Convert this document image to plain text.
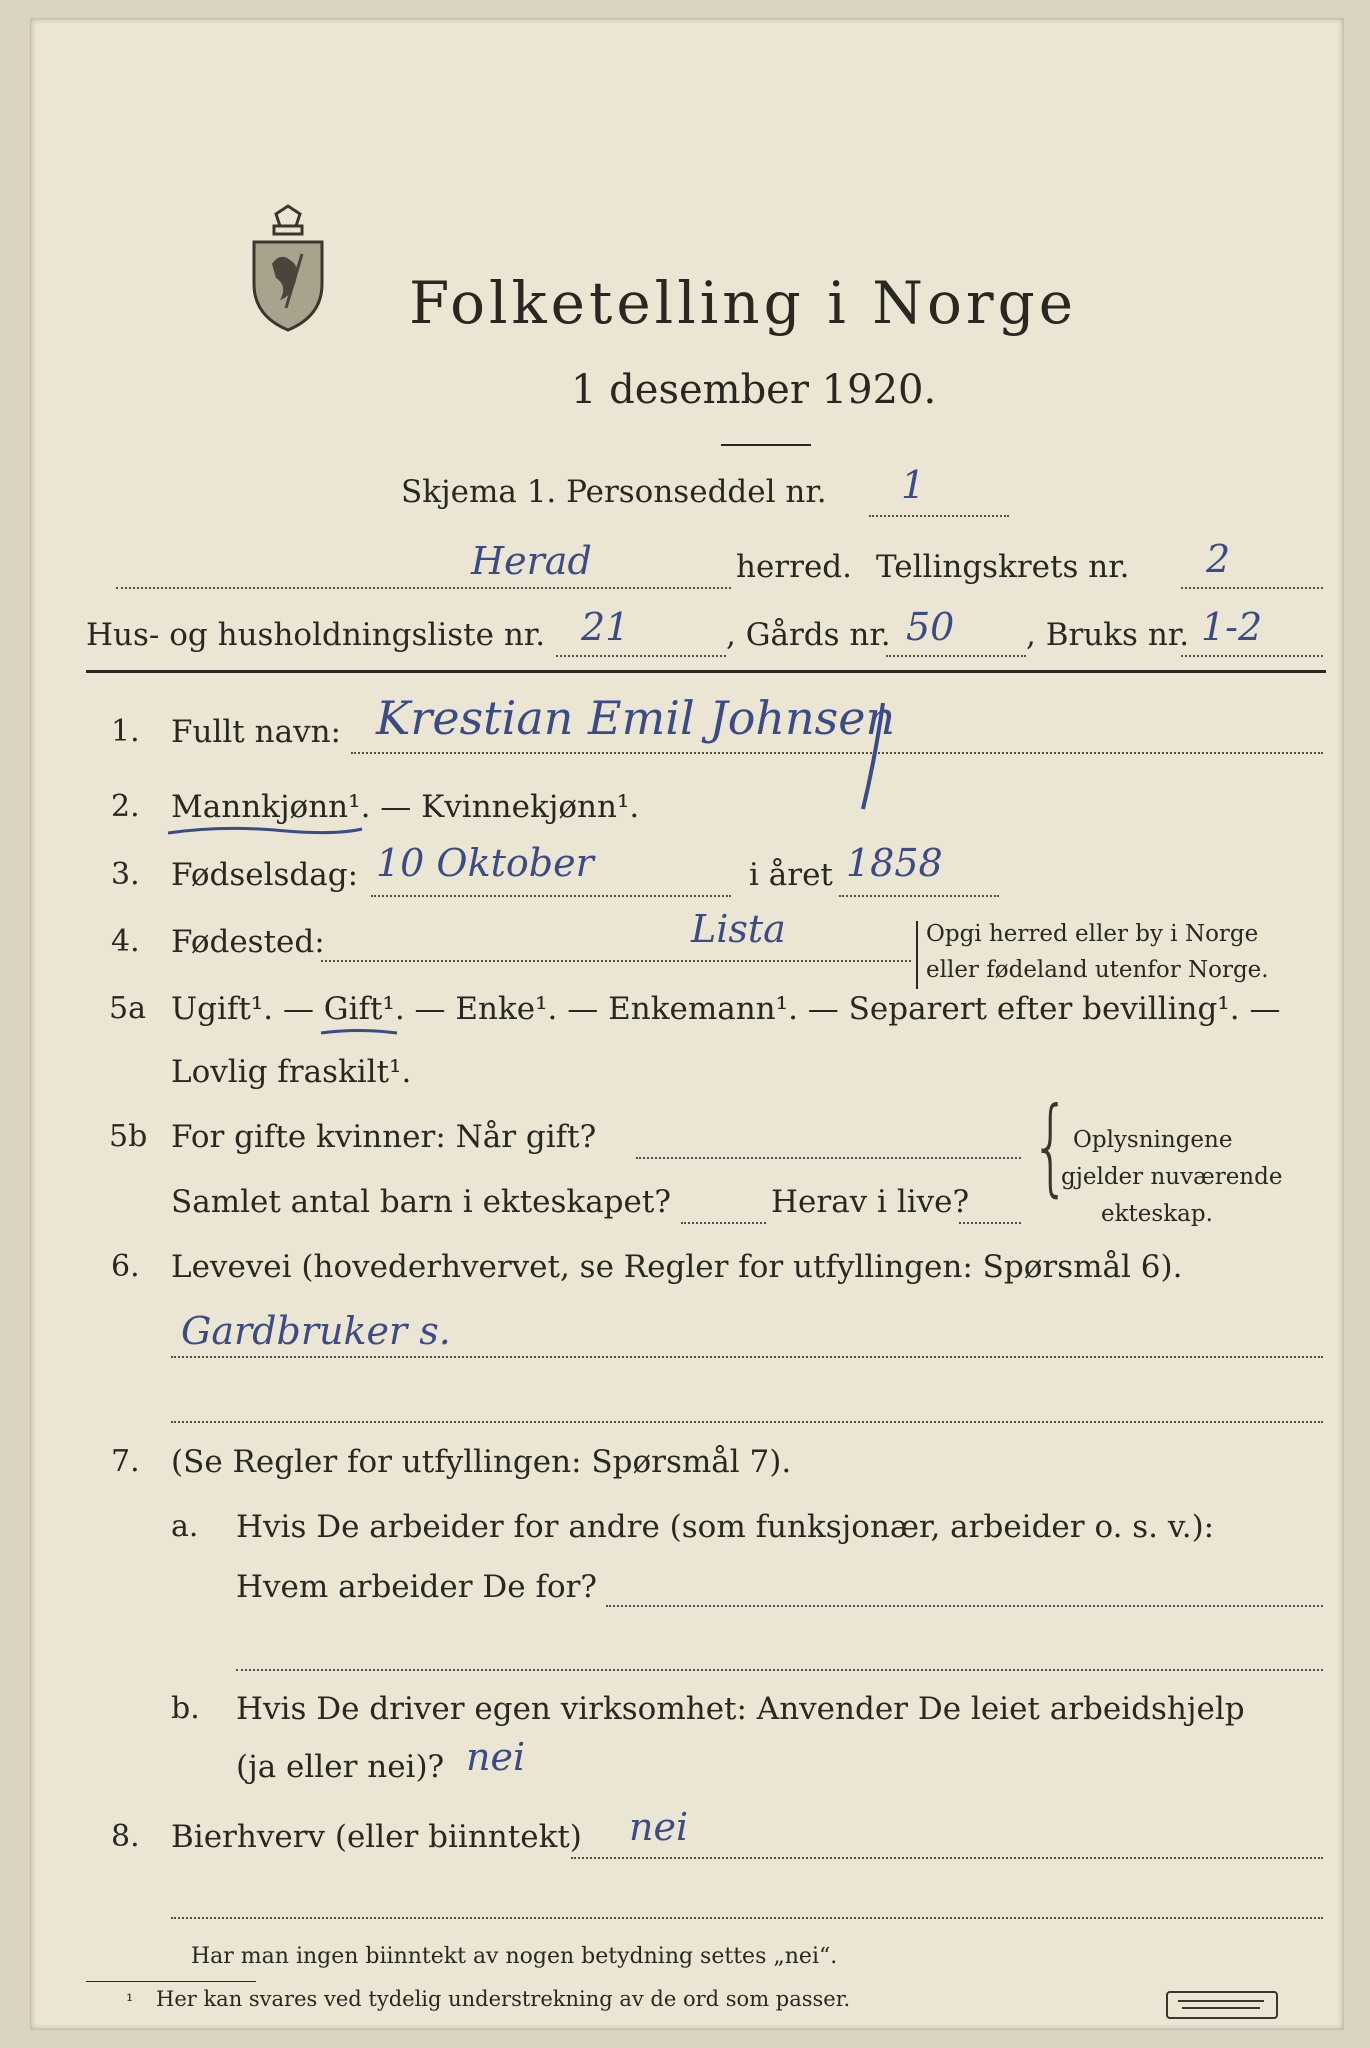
Folketelling i Norge
1 desember 1920.
Skjema 1. Personseddel nr. 1
Herad	herred. Tellingskrets nr. 2
Hus- og husholdningsliste nr. 21	, Gårds nr. 50 , Bruks nr. 1-2
1. Fullt navn: Krestian Emil Johnsen
2. Mannkjønn¹. — Kvinnekjønn¹.
3. Fødselsdag: 10 Oktober	i året 1858
4. Fødested:	Lista	Opgi herred eller by i Norge
eller fødeland utenfor Norge.
5a Ugift¹. — Gift¹. — Enke¹. — Enkemann¹. — Separert efter bevilling¹. —
Lovlig fraskilt¹.
5b For gifte kvinner: Når gift?
Samlet antal barn i ekteskapet?	Herav i live? { Oplysningene
gjelder nuværende
ekteskap.
6. Levevei (hovederhvervet, se Regler for utfyllingen: Spørsmål 6).
Gardbruker s.
7. (Se Regler for utfyllingen: Spørsmål 7).
a. Hvis De arbeider for andre (som funksjonær, arbeider o. s. v.):
Hvem arbeider De for?
b. Hvis De driver egen virksomhet: Anvender De leiet arbeidshjelp
(ja eller nei)? nei
8. Bierhverv (eller biinntekt) nei
Har man ingen biinntekt av nogen betydning settes „nei“.
¹ Her kan svares ved tydelig understrekning av de ord som passer.
